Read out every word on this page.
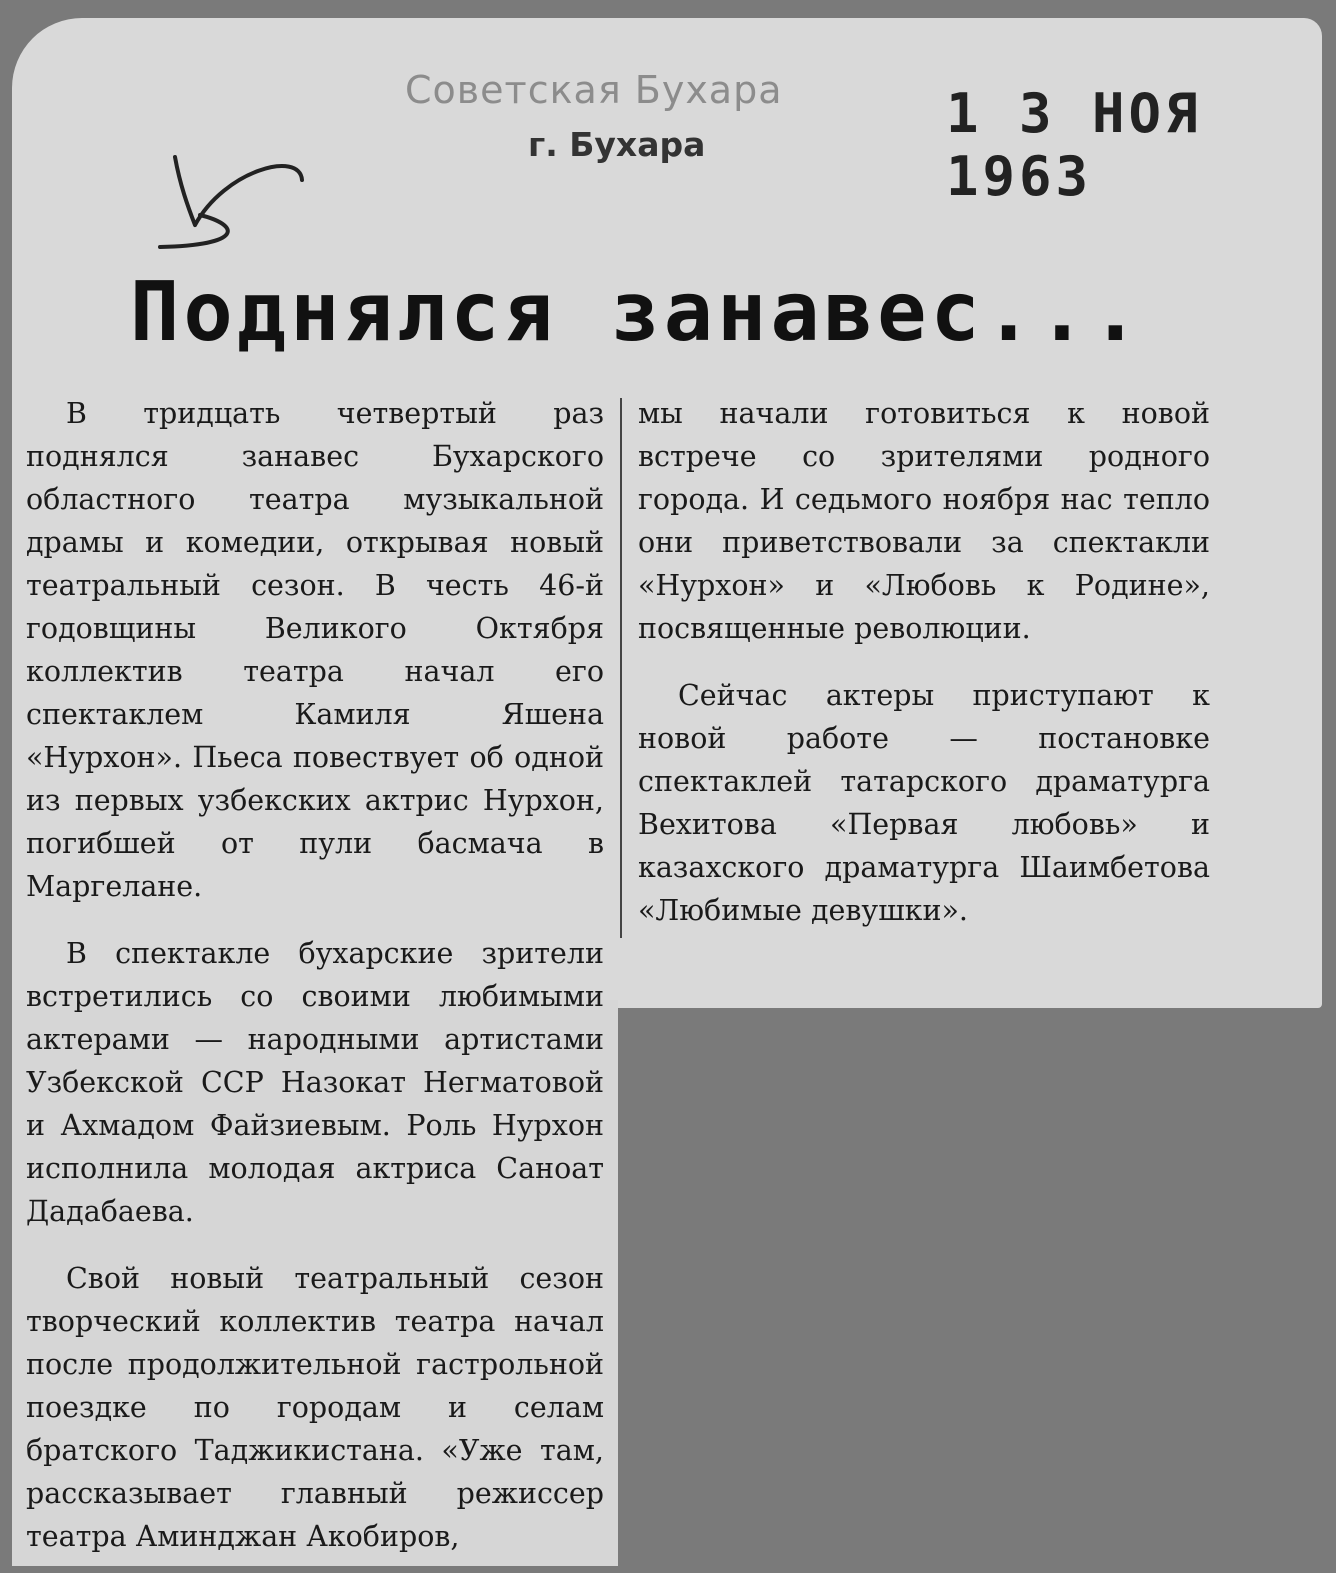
Советская Бухара
г. Бухара	1 3 НОЯ 1963
Поднялся занавес...

В тридцать четвертый раз поднялся занавес Бухарского областного театра музыкальной драмы и комедии, открывая новый театральный сезон. В честь 46-й годовщины Великого Октября коллектив театра начал его спектаклем Камиля Яшена «Нурхон». Пьеса повествует об одной из первых узбекских актрис Нурхон, погибшей от пули басмача в Маргелане.

В спектакле бухарские зрители встретились со своими любимыми актерами — народными артистами Узбекской ССР Назокат Негматовой и Ахмадом Файзиевым. Роль Нурхон исполнила молодая актриса Саноат Дадабаева.

Свой новый театральный сезон творческий коллектив театра начал после продолжительной гастрольной поездке по городам и селам братского Таджикистана. «Уже там, рассказывает главный режиссер театра Аминджан Акобиров,

мы начали готовиться к новой встрече со зрителями родного города. И седьмого ноября нас тепло они приветствовали за спектакли «Нурхон» и «Любовь к Родине», посвященные революции.

Сейчас актеры приступают к новой работе — постановке спектаклей татарского драматурга Вехитова «Первая любовь» и казахского драматурга Шаимбетова «Любимые девушки».
